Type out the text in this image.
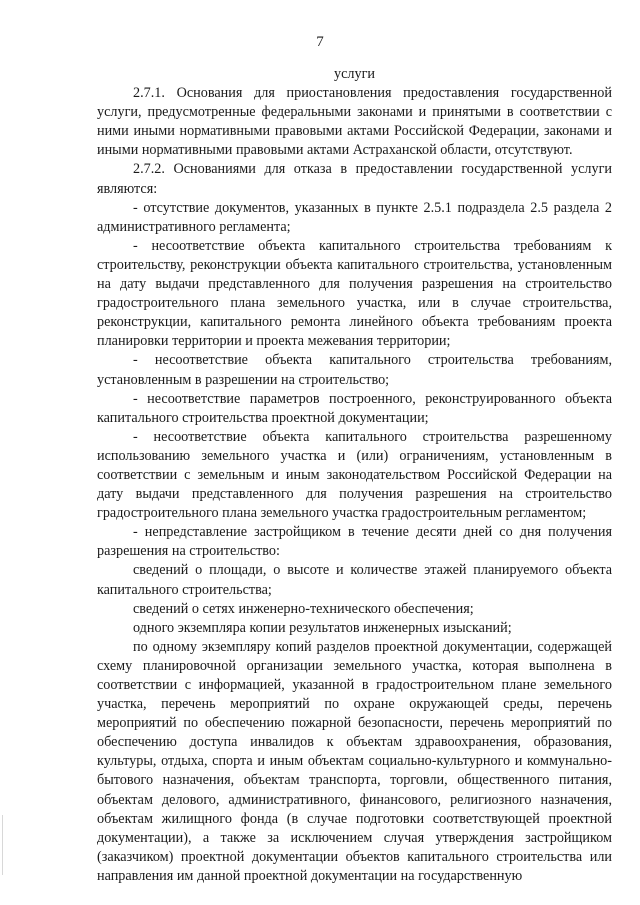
7

услуги

2.7.1. Основания для приостановления предоставления государственной услуги, предусмотренные федеральными законами и принятыми в соответствии с ними иными нормативными правовыми актами Российской Федерации, законами и иными нормативными правовыми актами Астраханской области, отсутствуют.

2.7.2. Основаниями для отказа в предоставлении государственной услуги являются:

- отсутствие документов, указанных в пункте 2.5.1 подраздела 2.5 раздела 2 административного регламента;

- несоответствие объекта капитального строительства требованиям к строительству, реконструкции объекта капитального строительства, установленным на дату выдачи представленного для получения разрешения на строительство градостроительного плана земельного участка, или в случае строительства, реконструкции, капитального ремонта линейного объекта требованиям проекта планировки территории и проекта межевания территории;

- несоответствие объекта капитального строительства требованиям, установленным в разрешении на строительство;

- несоответствие параметров построенного, реконструированного объекта капитального строительства проектной документации;

- несоответствие объекта капитального строительства разрешенному использованию земельного участка и (или) ограничениям, установленным в соответствии с земельным и иным законодательством Российской Федерации на дату выдачи представленного для получения разрешения на строительство градостроительного плана земельного участка градостроительным регламентом;

- непредставление застройщиком в течение десяти дней со дня получения разрешения на строительство:

сведений о площади, о высоте и количестве этажей планируемого объекта капитального строительства;

сведений о сетях инженерно-технического обеспечения;

одного экземпляра копии результатов инженерных изысканий;

по одному экземпляру копий разделов проектной документации, содержащей схему планировочной организации земельного участка, которая выполнена в соответствии с информацией, указанной в градостроительном плане земельного участка, перечень мероприятий по охране окружающей среды, перечень мероприятий по обеспечению пожарной безопасности, перечень мероприятий по обеспечению доступа инвалидов к объектам здравоохранения, образования, культуры, отдыха, спорта и иным объектам социально-культурного и коммунально-бытового назначения, объектам транспорта, торговли, общественного питания, объектам делового, административного, финансового, религиозного назначения, объектам жилищного фонда (в случае подготовки соответствующей проектной документации), а также за исключением случая утверждения застройщиком (заказчиком) проектной документации объектов капитального строительства или направления им данной проектной документации на государственную
